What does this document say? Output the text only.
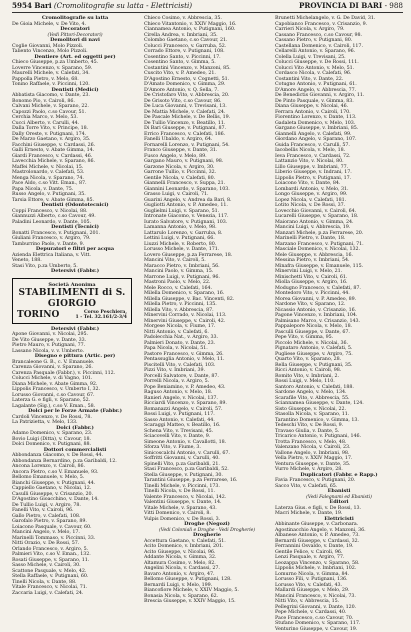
5954 Bari (Cromolitografie su latta - Elettricisti)	PROVINCIA DI BARI - 988
Cromolitografie su latta
De Gioia Michele, v. De Vito, 4.
Decoratori
(Vedi Pittori-Decoratori)
Demolitori di navi
Coglie Giovanni, Molo Pizzoli.
Taliento Vincenzo, Molo Pizzoli.
Dentiere (Art. ed oggetti per)
Chieco Giuseppe, p.za Umberto, 45.
Loverre Vincenzo, v. Sparano, 59.
Maurelli Michele, v. Calefati, 34.
Pappolla Pietro, v. Melo, 68.
Tonino Raffaele, v. Piccinni, 120.
Dentisti (Medici)
Abbatista Giacomo, v. Dante, 23.
Bonomo Pio, v. Cairoli, 86.
Calvani Michele, v. Sparano, 22.
Capozzi Paolo, c.so Cavour, 51.
Cerchia Marco, v. Melo, 53.
Cucci Alberto, v. Carulli, 44.
Dalla Torre Vito, v. Principe, 18.
Dally Oreste, v. Putignani, 174.
De Marzo Gaetano, v. Argiro, 35.
Facchini Giuseppe, v. Cardassi, 26.
Galli Ernesto, v. Abate Gimma, 14.
Giardi Francesco, v. Cardassi, 46.
Lavecchia Michele, v. Sparano, 86.
Maffei Michele, v. Nicolai, 15.
Mastrolonardo, v. Calefati, 53.
Menga Nicola, v. Sparano, 74.
Pace Aldo, c.so Vitt. Eman., 87.
Papa Nicola, v. Dante, 75.
Russo Angelo, v. Putignani, 35.
Tarsia Ettore, v. Abate Gimma, 85.
Dentisti (Odontotecnici)
Coppi Francesco, v. Nicolai, 88.
Giannuzzi Alberto, c.so Cavour, 49.
Paladini Leonardo, v. Dante, 105.
Dentisti (Tecnici)
Bonatti Francesco, v. Putignani, 201.
Giuliani Francesco, v. Argiro, 79.
Tamburrino Paolo, v. Dante, 9.
Depuratori e filtri per acqua
Azienda Elettrica Italiana, v. Vitt.
Veneto, 188.
Stasi Vito, p.za Umberto, 5.
Detersivi (Fabbr.)
Società Anonima
STABILIMENTI di S. GIORGIO
TORINO	Corso Peschiera,
1 - Tel. 32.161/2-3/4
Detersivi (Fabbr.)
Apone Giovanni, v. Nicolai, 295.
De Vito Giuseppe, v. Dante, 33.
Pietro Mauro, v. Putignani, 77.
Lassano Nicola, v. v. Umberto.
Disegno e pittura (Artic. per)
Brancaleone G. B., c. V. Emanuele.
Carenza Giovanni, v. Sparano, 26.
Carenza Pasquale (Fabbr.), v. Piccinni, 112.
Colucci Michele, v. di Vagno, 101.
Diana Michele, v. Abate Gimma, 92.
Lippolis Francesco, v. Umberto I, 32.
Lorusso Giovanni, c.so Cavour, 67.
Laterza G. e figli, v. Sparano, 52.
Lagalante (Sig.), c.so V. Eman., 58.
Dolci per le Forze Armate (Fabbr.)
Cardoli Vincenzo, v. De Rossi, 78.
La Patrizietta, v. Melo, 133.
Dolci (Fabbr.)
Adamo Domenico, v. Sparano, 23.
Bovio Luigi (Ditta), v. Cavour, 18.
Dolci Domenico, v. Putignani, 88.
Dottori commercialisti
Abbondanza Giacomo, v. De Rossi, 44.
Abbondanza Bernardino, p.za Garibaldi, 12.
Ancona Lorenzo, v. Cairoli, 86.
Ancora Pietro, c.so V. Emanuele, 93.
Bellomo Emanuele, v. Melo, 5.
Bianchi Giuseppe, v. Putignani, 44.
Cappiello Gaetano, v. Nicolai, 12.
Casulli Giuseppe, v. Crisanzio, 20.
D'Agostino Gioacchino, v. Dante, 14.
De Tullio Luigi, v. Argiro, 78.
Fanelli Vito, v. Cairoli, 96.
Gallo Pietro, v. Calefati, 108.
Garofalo Pietro, v. Sparano, 89.
Loiacono Pasquale, v. Cavour, 60.
Mancini Angelo, v. Melo, 17.
Marinelli Tommaso, v. Piccinni, 33.
Nitti Orazio, v. De Rossi, 57.
Orlando Francesco, v. Argiro, 5.
Palmieri Vito, c.so V. Eman., 132.
Rosati Giuseppe, v. Sparano, 11.
Sasso Michele, v. Cairoli, 30.
Scattone Pasquale, v. Melo, 42.
Stella Raffaele, v. Putignani, 60.
Tinelli Nicola, v. Dante, 88.
Vitale Francesco, v. Nicolai, 71.
Zaccaria Luigi, v. Calefati, 24.
Chieco Cosimo, v. Abbrescia, 35.
Chieco Vitantonio, v. XXIV Maggio, 16.
Ciannamea Antonio, v. Putignani, 160.
Cirella Andrea, v. Imbriani, 35.
Colombo Gaetano, c.so Cavour, 21.
Colucci Francesco, v. Garruba, 52.
Corrado Ettore, v. Putignani, 108.
Cosentino Santo, v. Piccinni, 17.
Cosentino Santo, v. Gimma, 5.
Costantini Vincenzo, v. Manzoni, 85.
Cuscito Vito, v. P. Amedeo, 21.
D'Agostino Ernesto, v. Cognetti, 51.
D'Amato Domenico, v. Gimma, 29.
D'Amore Antonio, v. Q. Sella, 7.
De Cristofaro Vito, v. Abbrescia, 20.
De Grisoto Vito, c.so Cavour, 86.
De Luca Giovanni, v. Trevisani, 13.
De Mattia Michele, v. Calefati, 24.
De Pascale Michele, v. De Bellis, 19.
De Tullio Vincenzo, v. Beatillo, 11.
Di Bari Giuseppe, v. Putignani, 87.
Errico Francesco, v. Calefati, 186.
Fanelli Ubaldo, v. Argiro, 64.
Fornarelli Lorenzo, v. Putignani, 54.
Franco Giuseppe, v. Dante, 31.
Fusco Angelo, v. Melo, 89.
Gargano Mauro, v. Putignani, 98.
Garzone Nicola, v. Argiro, 30.
Garrone Tullio, v. Piccinni, 32.
Gentile Nicola, v. Calefati, 80.
Giannelli Francesco, v. Suppa, 21.
Giannini Leonardo, v. Sparano, 103.
Grasso Luigi, v. Cairoli, 71.
Guarini Angelo, v. Andrea da Bari, 8.
Gugliotti Antonio, v. P. Amedeo, 11.
Guglielmi Luigi, v. Sparano, 51.
Intronate Giacomo, v. Venezia, 117.
Iurato Salvatore, v. Putignani, 103.
Lamanna Antonio, v. Melo, 98.
Lattarulo Lorenzo, v. Garruba, 8.
Lettini Luigi, v. Putignani, 66.
Liuzzi Michele, v. Roberto, 80.
Lorusso Michele, v. Dante, 171.
Lovero Giuseppe, p.za Ferrarese, 18.
Mancini Vito, v. Cairoli, 5.
Maracco Pietro, v. Imbriani, 56.
Mancini Paolo, v. Gimma, 15.
Marrone Luigi, v. Putignani, 96.
Mastroni Paolo, v. Melo, 22.
Mele Rocco, v. Calefati, 164.
Milella Domenico, v. Sparano, 16.
Milella Giuseppe, v. Bac. Vincenti, 82.
Milella Pietro, v. Piccinni, 135.
Milella Vito, v. Abbrescia, 87.
Minervini Corrado, v. Nicolai, 113.
Minervini Giuseppe, v. Cairoli, 42.
Morgese Nicola, v. Fiume, 17.
Nitti Antonio, v. Calefati, 6.
Padolecchia Nat., v. Argiro, 33.
Palmieri Donato, v. Dante, 23.
Papa Nicola, v. Nicolai, 51.
Pastore Francesco, v. Gimma, 26.
Pentassuglia Antonio, v. Melo, 11.
Piscitelli Vito, v. Calefati, 103.
Pizzi Vito, v. Imbriani, 39.
Porcelli Salvatore, v. Dante, 87.
Porrelli Nicola, v. Argiro, 5.
Pope Beniamino, v. P. Amedeo, 43.
Raguso Antonio, v. Melo, 18.
Ranieri Angelo, v. Nicolai, 137.
Ricciardi Vincenzo, v. Sparano, 89.
Romanazzi Angelo, v. Cairoli, 57.
Rossi Luigi, v. Putignani, 117.
Sasso Antonio, v. Calefati, 44.
Scaraggi Matteo, v. Beatillo, 16.
Schena Vito, v. Trevisani, 45.
Sciacovelli Vito, v. Dante, 9.
Simeone Antonio, v. Cavallotti, 18.
Sforza Vito, v. Fiume, 3.
Sinicoscalchi Antonio, v. Carulli, 67.
Soffritti Giovanni, v. Carulli, 40.
Spinelli Vito, p.za Garibaldi, 21.
Stasi Francesco, p.za Garibaldi, 52.
Stella Giuseppe, v. Putignani, 30.
Tarantini Giuseppe, p.za Ferrarese, 16.
Tinelli Michele, v. Piccinni, 173.
Tinelli Nicola, v. De Rossi, 11.
Valente Francesco, v. Nicolai, 142.
Valentini Giuseppe, v. Dante, 14.
Vitale Michele, v. Sparano, 43.
Vitti Domenico, v. Cairoli, 8.
Vulpis Domenico, v. De Rossi, 3.
Droghe (Negozi)
(Vedi Coloniali e Droghe - Vedi Drogherie)
Drogherie
Accettura Gaetano, v. Calefati, 51.
Acito Domenico, v. Imbriani, 201.
Acito Giuseppe, v. Nicolai, 96.
Addante Nicola, v. Gimma, 32.
Altamura Cosimo, v. Melo, 82.
Angelini Nicola, v. Cardassi, 27.
Bavaro Antonio, v. Argiro, 47.
Bellomo Giuseppe, v. Putignani, 128.
Bernardi Luigi, v. Melo, 199.
Biancofiore Michele, v. XXIV Maggio, 5.
Bonasia Nicola, v. Sparano, 62.
Brescia Giuseppe, v. XXIV Maggio, 15.
Brunetti Michelangelo, v. G. De David, 31.
Capobianco Francesco, v. Crisanzio, 9.
Carrieri Nicola, v. Argiro, 79.
Cassano Francesco, c.so Cavour, 98.
Cassano Pietro, v. Putignani, 80.
Castellana Domenico, v. Cairoli, 117.
Cellarelli Antonio, v. Sparano, 96.
Colella Luigi, v. Trevisani, 25.
Colucci Giuseppe, v. De Rossi, 111.
Colucci Vito Antonio, v. Melo, 51.
Cordasco Nicola, v. Calefati, 96.
Costantini Vito, v. Dante, 22.
Cotugno Antonio, v. Putignani, 61.
D'Amore Angelo, v. Abbrescia, 77.
De Benedictis Giovanni, v. Argiro, 11.
De Pinto Pasquale, v. Gimma, 83.
Diana Giuseppe, v. Nicolai, 46.
Ferrara Antonio, v. Cairoli, 170.
Fiorentino Lorenzo, v. Dante, 113.
Gadaleta Domenico, v. Melo, 103.
Gargano Giuseppe, v. Imbriani, 85.
Giannelli Angelo, v. Calefati, 99.
Giordano Angelo, v. Sparano, 107.
Guida Francesco, v. Carulli, 57.
Iacobellis Nicola, v. Melo, 18.
Ieva Francesco, v. Cardassi, 72.
Lattanzio Vito, v. Nicolai, 80.
Lillo Giuseppe, v. Imbriani, 77.
Liberio Giuseppe, v. Indrani, 17.
Lippolis Pietro, v. Putignani, 17.
Loiacono Vito, v. Dante, 84.
Lombardi Antonio, v. Melo, 31.
Longo Giuseppe, v. Argiro, 99.
Lopez Nicola, v. Calefati, 181.
Lotito Nicola, v. De Rossi, 37.
Lovecchio Giovanni, v. Cairoli, 64.
Lucarelli Giuseppe, v. Sparano, 18.
Maiorano Antonio, v. Gimma, 24.
Mancini Luigi, v. Abbrescia, 19.
Manzari Michele, p.za Ferrarese, 20.
Marinelli Pietro, v. Dante, 18.
Marzano Francesco, v. Putignani, 71.
Masciale Domenico, v. Nicolai, 132.
Mele Giuseppe, v. Abbrescia, 16.
Messina Pietro, v. Imbriani, 54.
Minafra Giuseppe, v. Emanuele, 115.
Minervini Luigi, v. Melo, 21.
Minischetti Vito, v. Cairoli, 61.
Miolla Giuseppe, v. Argiro, 16.
Modugno Francesco, v. Calefati, 87.
Montedoro Vito, v. Piccinni, 44.
Morea Giovanni, v. P. Amedeo, 89.
Nardone Vito, v. Sparano, 12.
Nicassio Antonio, v. Crisanzio, 16.
Pagone Vincenzo, v. Imbriani, 104.
Palmisano Marco, v. Crisanzio, 143.
Pappalepore Nicola, v. Melo, 18.
Pasculli Giuseppe, v. Dante, 67.
Pepe Vito, v. Gimma, 95.
Piccolo Michele, v. Nicolai, 36.
Pignataro Antonio, v. Calefati, 5.
Pugliese Giuseppe, v. Argiro, 75.
Quarto Vito, v. Sparano, 28.
Rella Giuseppe, v. Putignani, 35.
Ricci Antonio, v. Cairoli, 98.
Romito Vito, v. Imbriani, 2.
Rossi Luigi, v. Melo, 110.
Santoro Antonio, v. Calefati, 188.
Sardone Angelo, v. Melo, 134.
Scarafile Vito, v. Abbrescia, 55.
Sciannamea Giuseppe, v. Dante, 124.
Sisto Giuseppe, v. Nicolai, 22.
Stasolla Nicola, v. Sparano, 11.
Tarantino Domenico, v. Gimma, 13.
Tedeschi Vito, v. De Rossi, 9.
Travaso Giulia, v. Dante, 5.
Tricarico Antonio, v. Putignani, 146.
Trotta Francesco, v. Melo, 48.
Valenzano Nicola, v. Cairoli, 23.
Vallone Angelo, v. Imbriani, 98.
Vella Pietro, v. XXIV Maggio, 17.
Ventura Giuseppe, v. Dante, 35.
Vurro Michele, v. Argiro, 28.
Duplicatori (Fabbr. e Rapp.)
Favia Francesco, v. Putignani, 20.
Sacco Vito, v. Calefati, 65.
Ebanisti
(Vedi Falegnami ed Ebanisti)
Editori
Laterza Gius. e figli, v. De Rossi, 13.
Macri Michele, v. Dante, 19.
Elettricisti
Abbinante Giuseppe, v. Carbonara.
Agostinacchio Angelo, v. Manzoni, 36.
Albanese Antonio, v. P. Amedeo, 73.
Bernardi Giuseppe, v. Cardassi, 32.
Ferrannini Osvaldo, v. Dante, 19.
Gentile Felice, v. Cairoli, 96.
Lenzi Pasquale, v. Argiro, 77.
Leozappa Vincenzo, v. Sparano, 58.
Lippolis Michele, v. Imbriani, 102.
Lomurno Nicola, v. Gimma, 84.
Lorusso Fili, v. Putignani, 136.
Lorusso Vito, v. Calefati, 43.
Mallardi Giuseppe, v. Melo, 29.
Mancini Francesco, v. Nicolai, 73.
Nitti Vito, v. Abbrescia, 15.
Pellegrini Giovanni, v. Dante, 120.
Pepe Michele, v. Cardassi, 40.
Pace Francesco, c.so Cavour, 70.
Stufano Domenico, v. Sparano, 117.
Venturino Giuseppe, v. Cavour, 19.
